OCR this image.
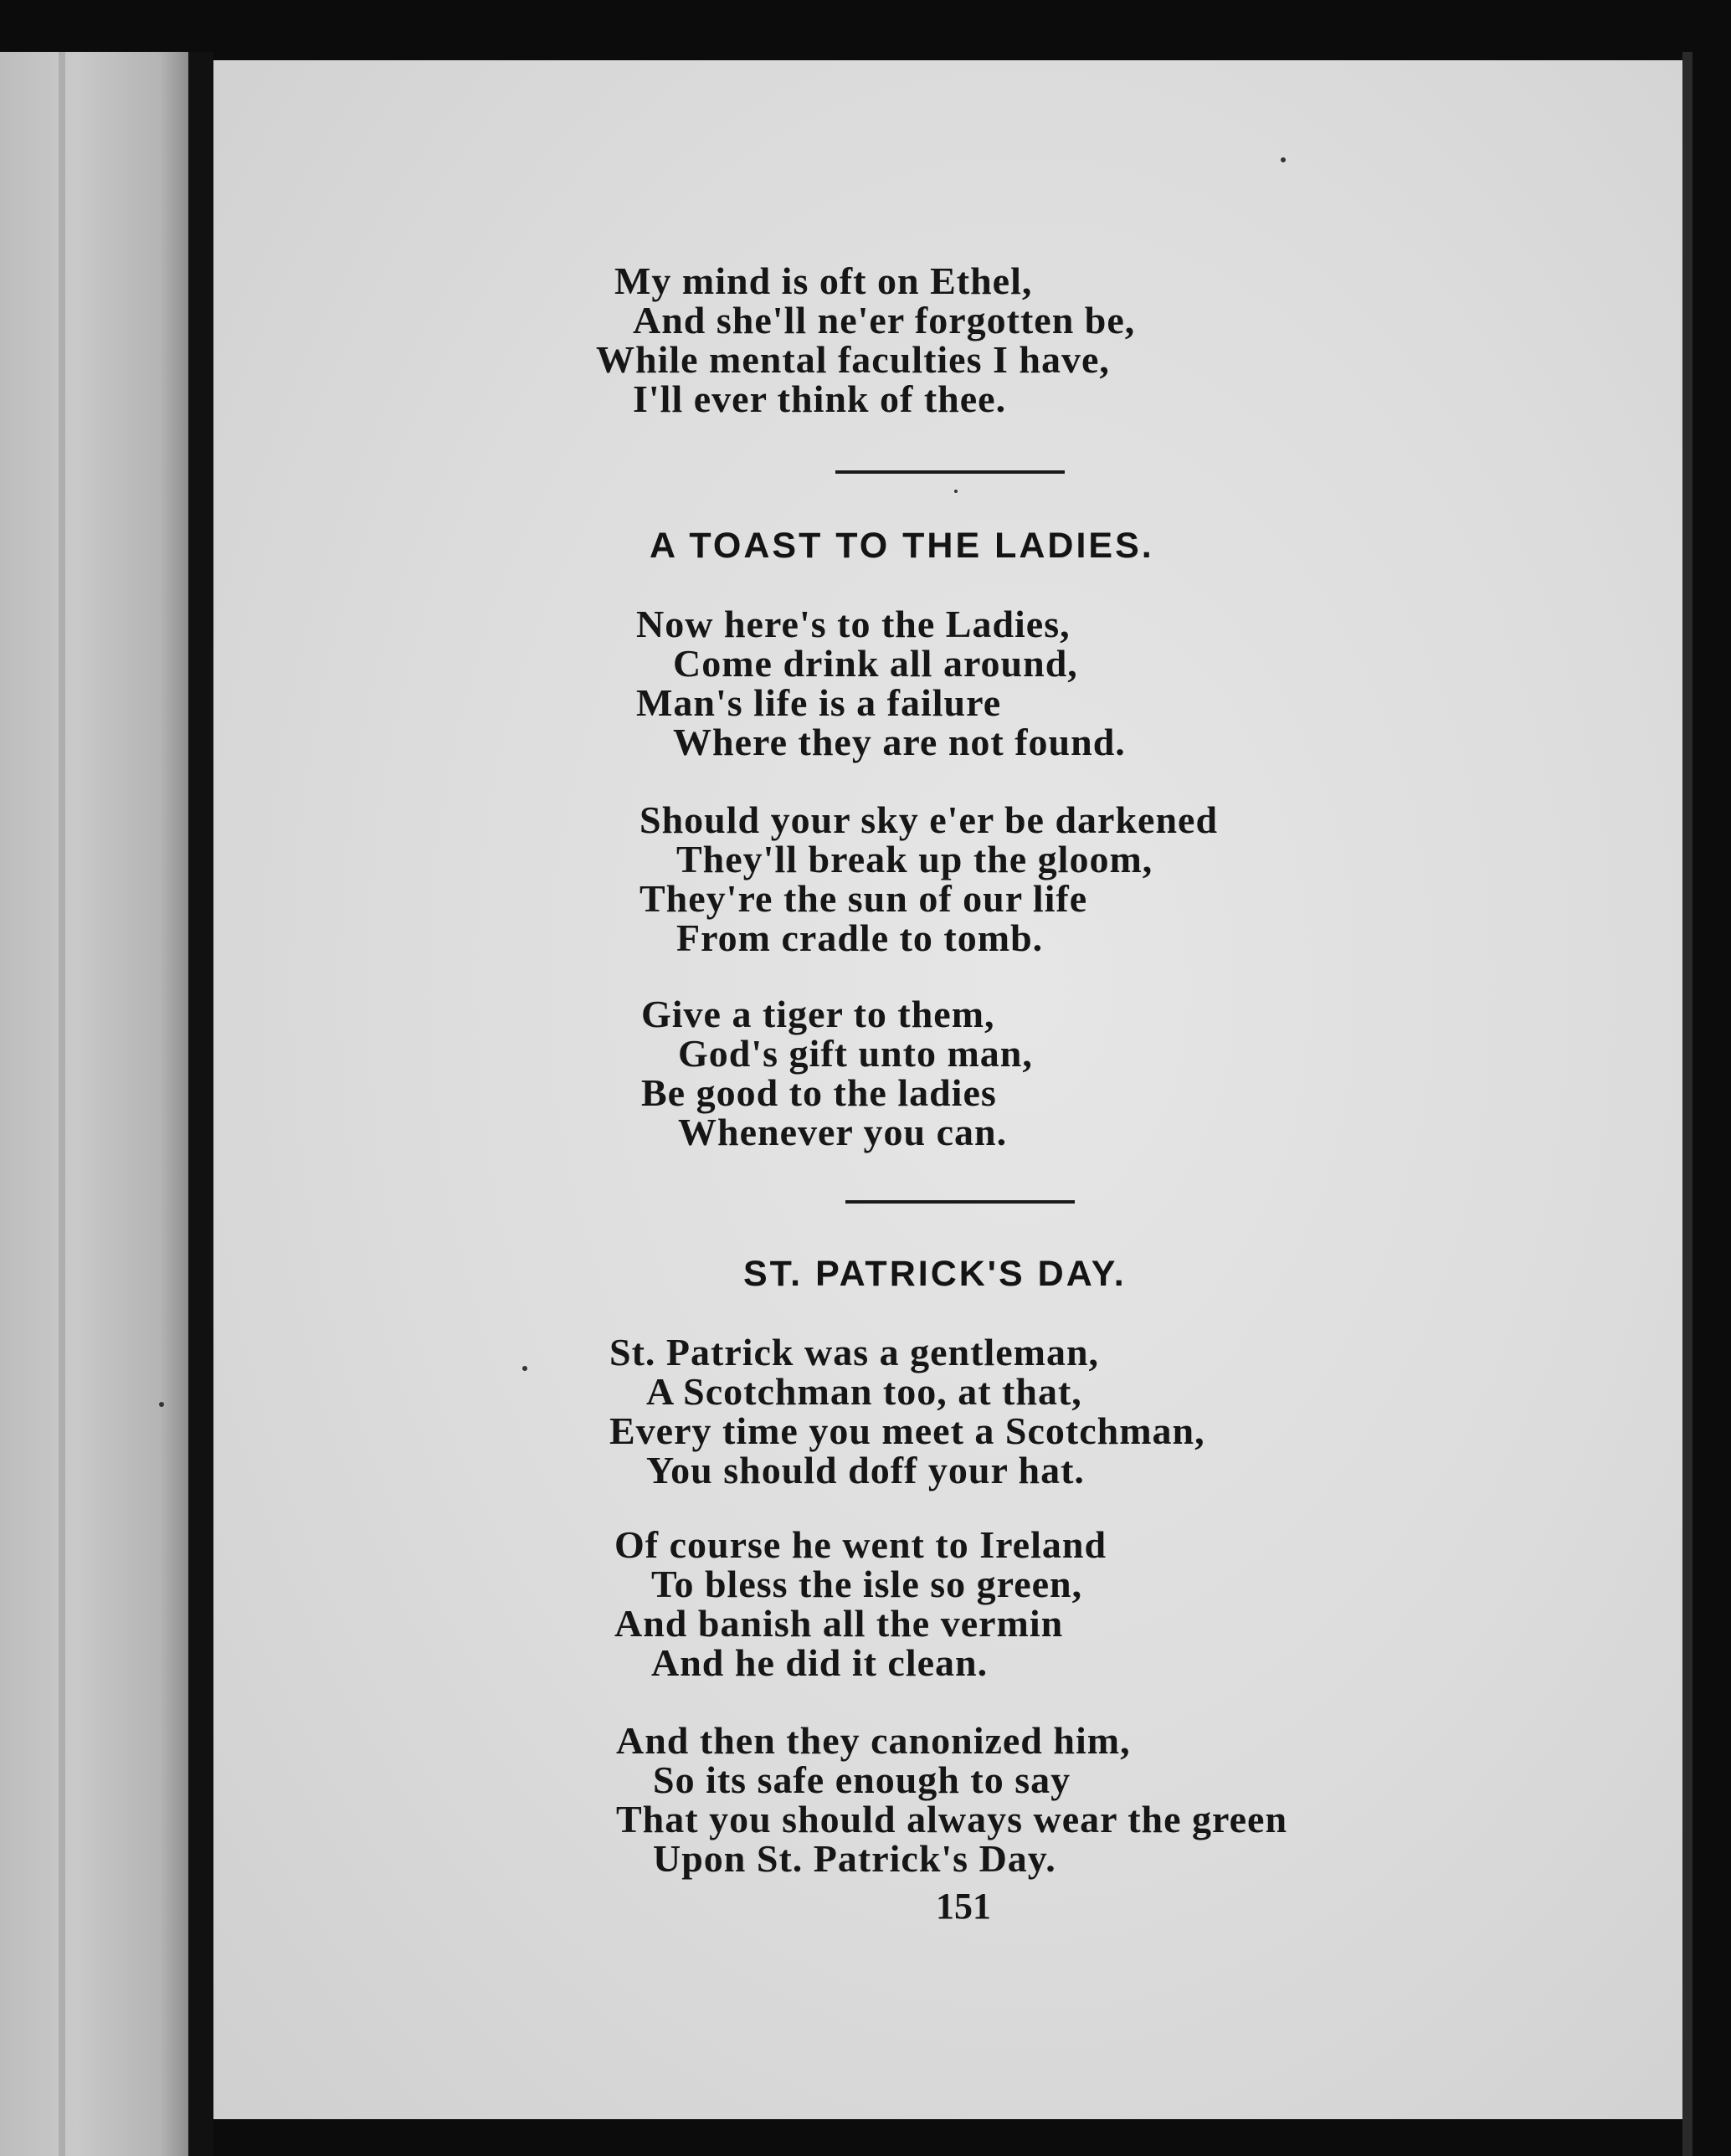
My mind is oft on Ethel,
And she'll ne'er forgotten be,
While mental faculties I have,
I'll ever think of thee.
A TOAST TO THE LADIES.
Now here's to the Ladies,
Come drink all around,
Man's life is a failure
Where they are not found.
Should your sky e'er be darkened
They'll break up the gloom,
They're the sun of our life
From cradle to tomb.
Give a tiger to them,
God's gift unto man,
Be good to the ladies
Whenever you can.
ST. PATRICK'S DAY.
St. Patrick was a gentleman,
A Scotchman too, at that,
Every time you meet a Scotchman,
You should doff your hat.
Of course he went to Ireland
To bless the isle so green,
And banish all the vermin
And he did it clean.
And then they canonized him,
So its safe enough to say
That you should always wear the green
Upon St. Patrick's Day.
151
